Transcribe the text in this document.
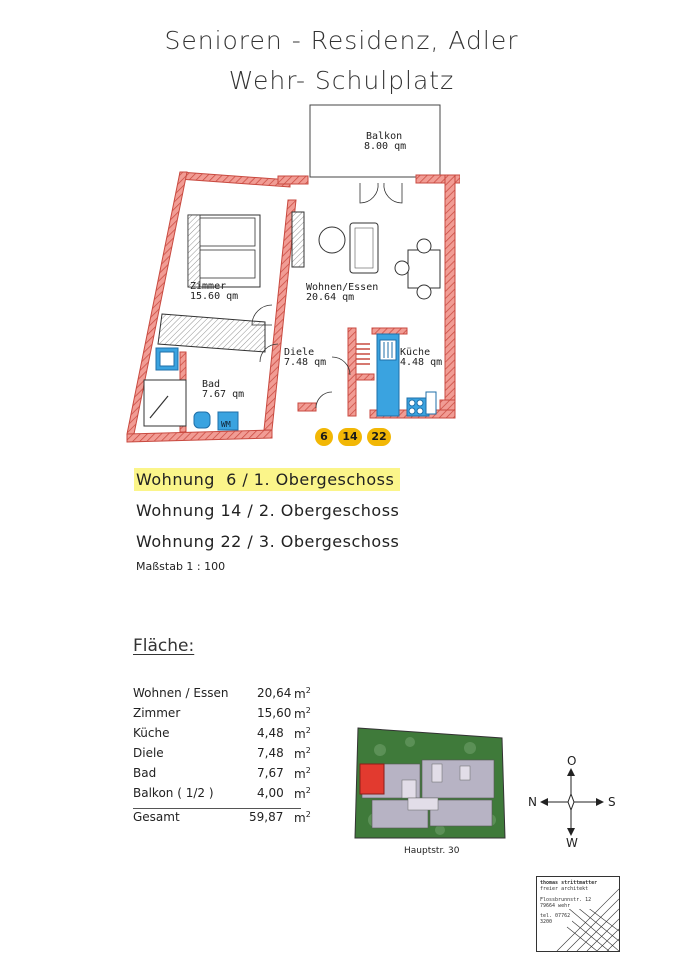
Senioren - Residenz, Adler
Wehr- Schulplatz
Balkon
8.00 qm
Zimmer
15.60 qm
Wohnen/Essen
20.64 qm
Diele
7.48 qm
Küche
4.48 qm
Bad
7.67 qm
WM
6	14	22
Wohnung  6 / 1. Obergeschoss
Wohnung 14 / 2. Obergeschoss
Wohnung 22 / 3. Obergeschoss
Maßstab 1 : 100
Fläche:
Wohnen / Essen 20,64 $m^2$
Zimmer	15,60 $m^2$
Küche	4,48 $m^2$
Diele	7,48 $m^2$
Bad	7,67 $m^2$
Balkon ( 1/2 )	4,00 $m^2$
Gesamt	59,87 $m^2$
Hauptstr. 30
O
W
N	S
thomas strittmatter
freier architekt
Flossbrunnstr. 12
79664 wehr
tel. 07762
3200
